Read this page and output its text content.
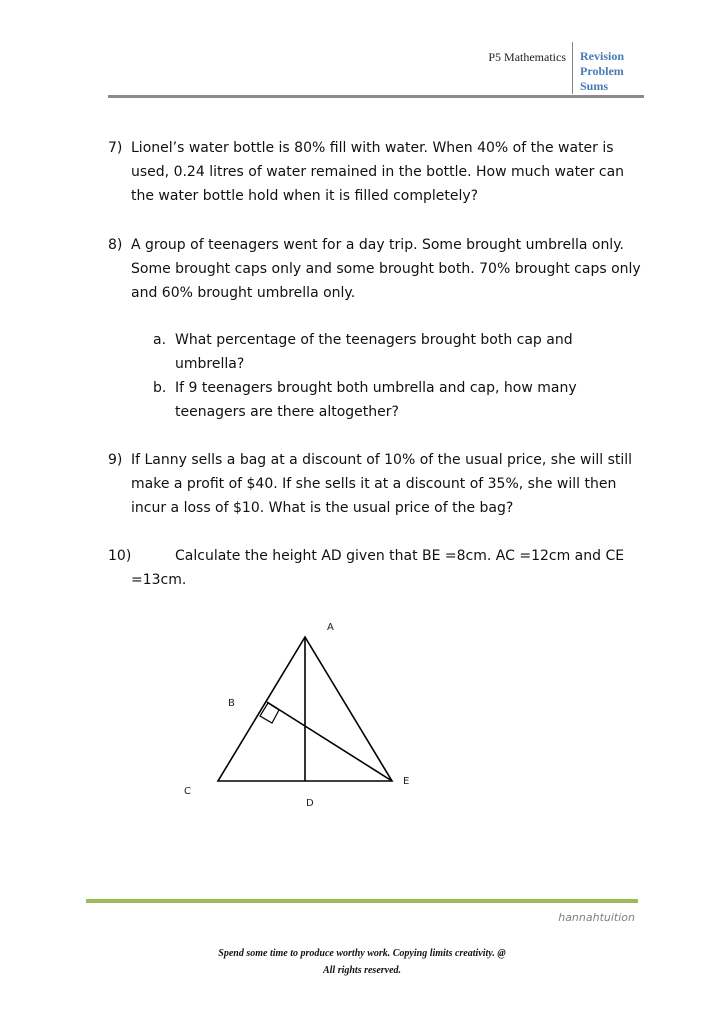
P5 Mathematics Revision
Problem
Sums
7) Lionel’s water bottle is 80% fill with water. When 40% of the water is
used, 0.24 litres of water remained in the bottle. How much water can
the water bottle hold when it is filled completely?
8) A group of teenagers went for a day trip. Some brought umbrella only.
Some brought caps only and some brought both. 70% brought caps only
and 60% brought umbrella only.
a. What percentage of the teenagers brought both cap and
umbrella?
b. If 9 teenagers brought both umbrella and cap, how many
teenagers are there altogether?
9) If Lanny sells a bag at a discount of 10% of the usual price, she will still
make a profit of $40. If she sells it at a discount of 35%, she will then
incur a loss of $10. What is the usual price of the bag?
10)	Calculate the height AD given that BE =8cm. AC =12cm and CE
=13cm.
A
B
C
D
E
hannahtuition
Spend some time to produce worthy work. Copying limits creativity. @
All rights reserved.
